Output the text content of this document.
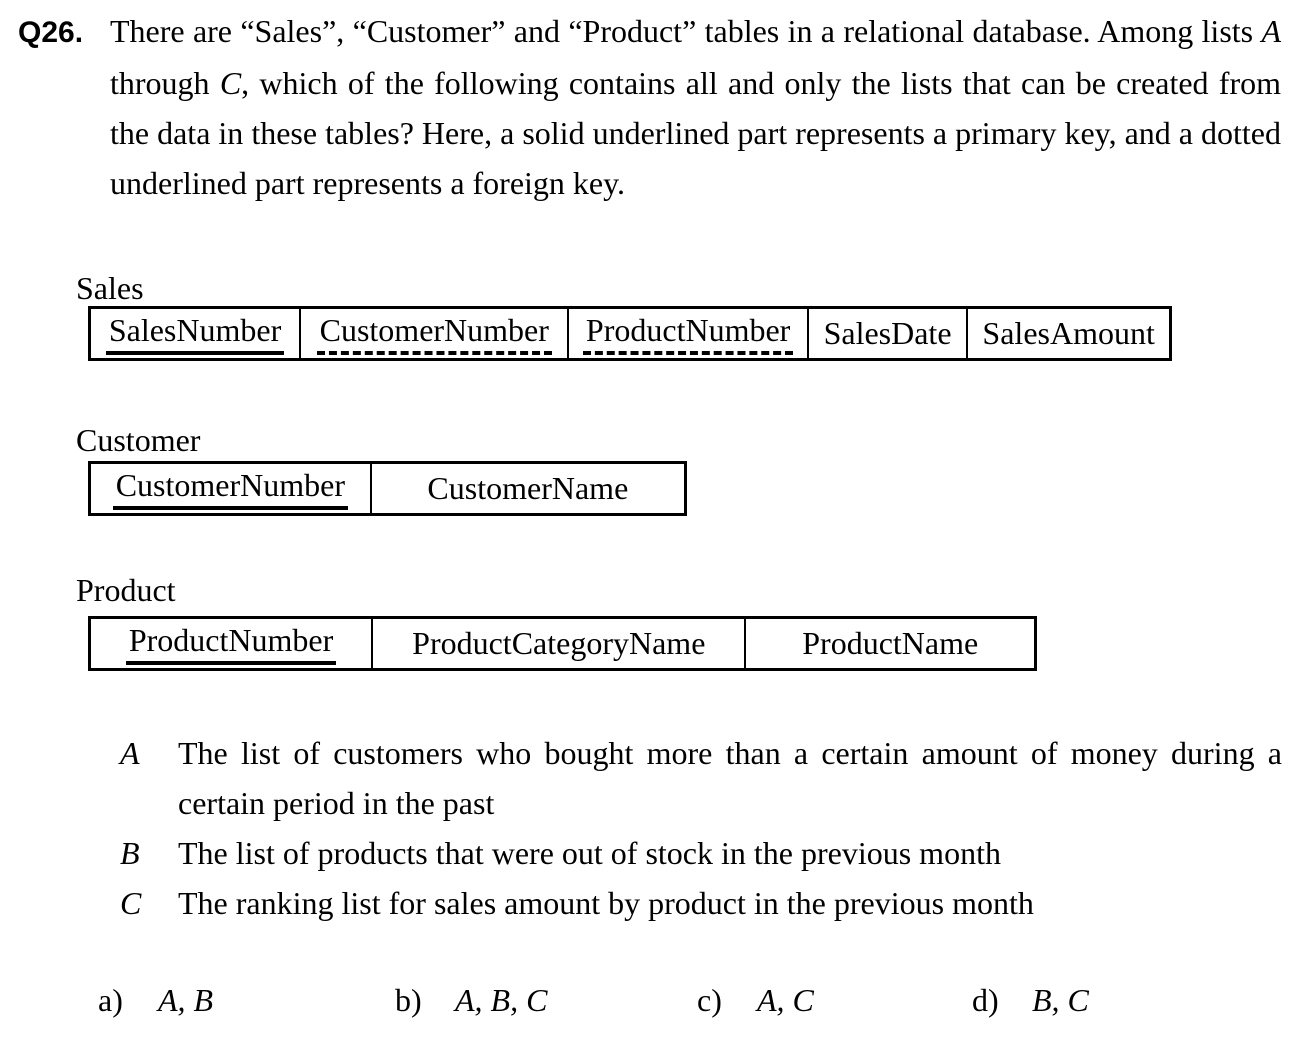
Q26. There are “Sales”, “Customer” and “Product” tables in a relational database. Among lists A through C, which of the following contains all and only the lists that can be created from the data in these tables? Here, a solid underlined part represents a primary key, and a dotted underlined part represents a foreign key.
Sales
SalesNumber CustomerNumber ProductNumber SalesDate SalesAmount
Customer
CustomerNumber	CustomerName
Product
ProductNumber ProductCategoryName	ProductName
A	The list of customers who bought more than a certain amount of money during a certain period in the past
B	The list of products that were out of stock in the previous month
C	The ranking list for sales amount by product in the previous month
a)	A, B	b)	A, B, C	c)	A, C	d)	B, C
